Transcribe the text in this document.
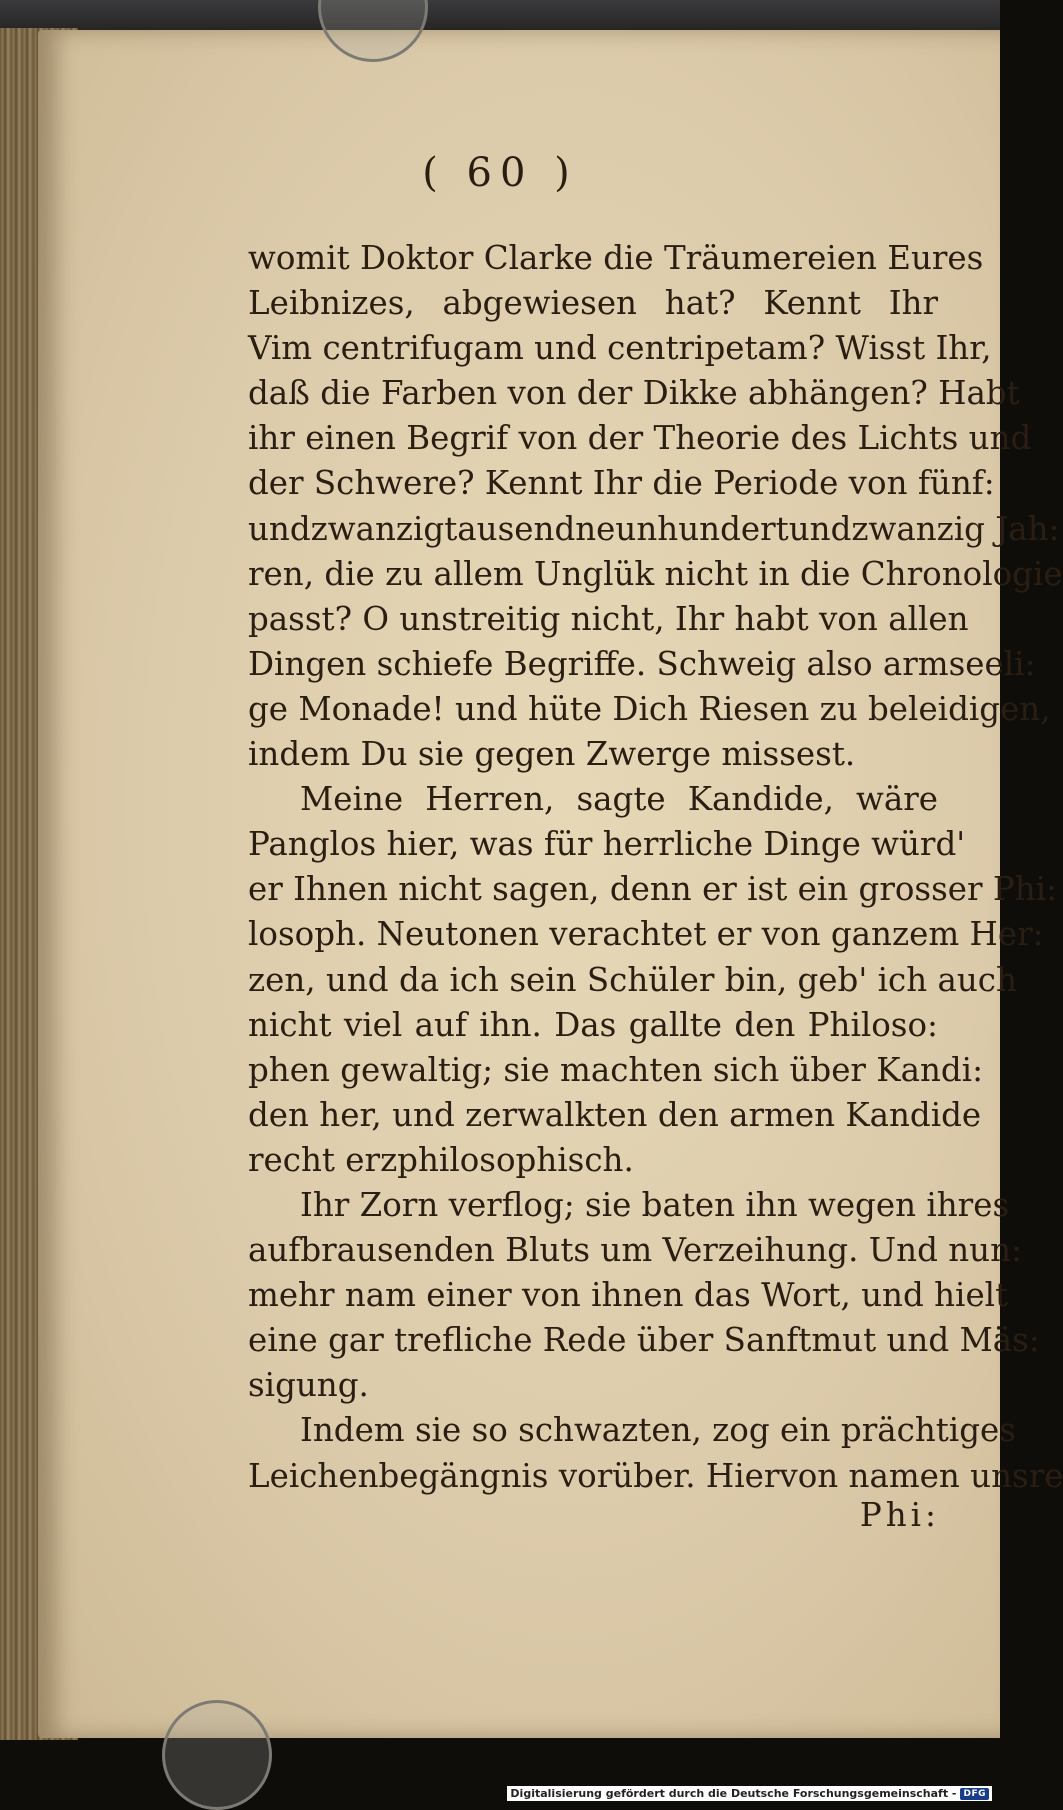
( 60 )
womit Doktor Clarke die Träumereien Eures
Leibnizes, abgewiesen hat? Kennt Ihr
Vim centrifugam und centripetam? Wisst Ihr,
daß die Farben von der Dikke abhängen? Habt
ihr einen Begrif von der Theorie des Lichts und
der Schwere? Kennt Ihr die Periode von fünf:
undzwanzigtausendneunhundertundzwanzig Jah:
ren, die zu allem Unglük nicht in die Chronologie
passt? O unstreitig nicht, Ihr habt von allen
Dingen schiefe Begriffe. Schweig also armseeli:
ge Monade! und hüte Dich Riesen zu beleidigen,
indem Du sie gegen Zwerge missest.
Meine Herren, sagte Kandide, wäre
Panglos hier, was für herrliche Dinge würd'
er Ihnen nicht sagen, denn er ist ein grosser Phi:
losoph. Neutonen verachtet er von ganzem Her:
zen, und da ich sein Schüler bin, geb' ich auch
nicht viel auf ihn. Das gallte den Philoso:
phen gewaltig; sie machten sich über Kandi:
den her, und zerwalkten den armen Kandide
recht erzphilosophisch.
Ihr Zorn verflog; sie baten ihn wegen ihres
aufbrausenden Bluts um Verzeihung. Und nun:
mehr nam einer von ihnen das Wort, und hielt
eine gar trefliche Rede über Sanftmut und Mäs:
sigung.
Indem sie so schwazten, zog ein prächtiges
Leichenbegängnis vorüber. Hiervon namen unsre
Phi:
Digitalisierung gefördert durch die Deutsche Forschungsgemeinschaft - DFG
